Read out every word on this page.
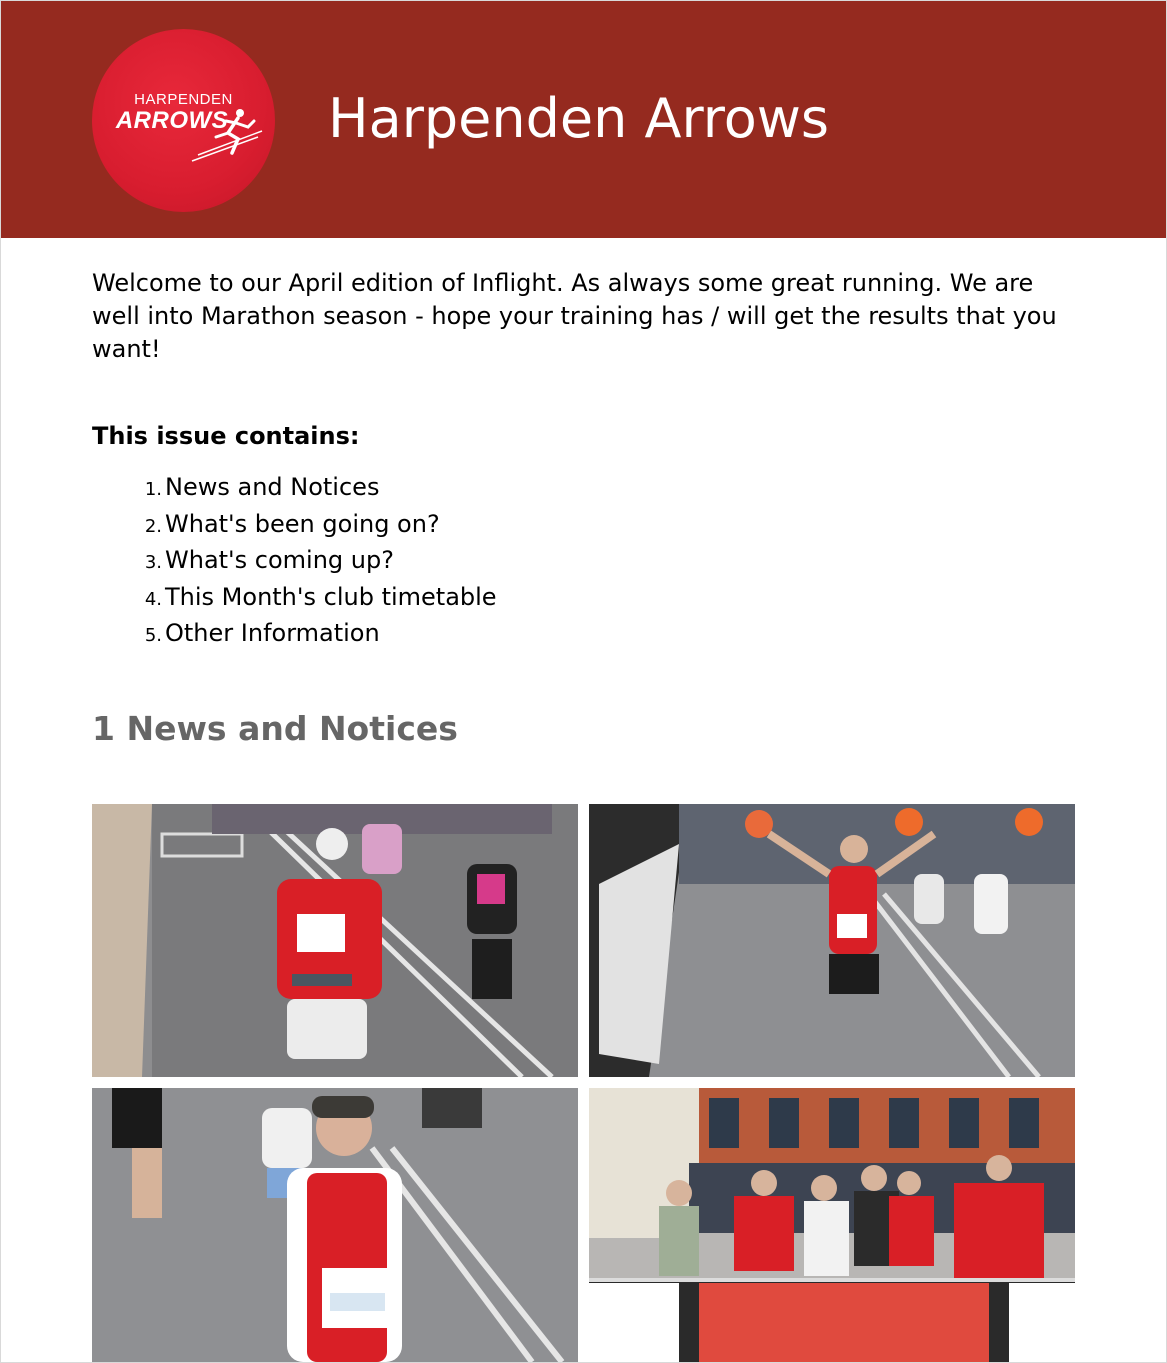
HARPENDEN
ARROWS Harpenden Arrows

Welcome to our April edition of Inflight. As always some great running. We are well into Marathon season - hope your training has / will get the results that you want!

This issue contains:

1. News and Notices
2. What's been going on?
3. What's coming up?
4. This Month's club timetable
5. Other Information
1 News and Notices
